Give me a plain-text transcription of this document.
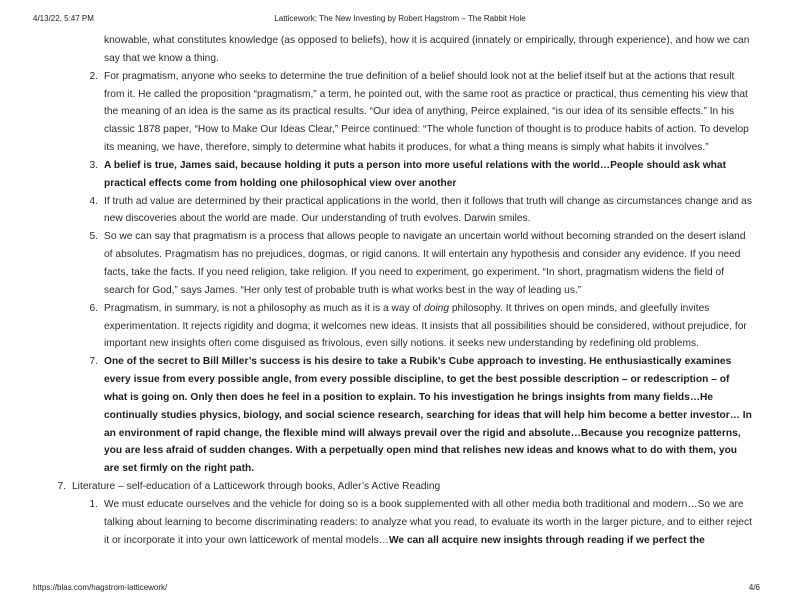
4/13/22, 5:47 PM	Latticework: The New Investing by Robert Hagstrom – The Rabbit Hole
knowable, what constitutes knowledge (as opposed to beliefs), how it is acquired (innately or empirically, through experience), and how we can say that we know a thing.
2. For pragmatism, anyone who seeks to determine the true definition of a belief should look not at the belief itself but at the actions that result from it. He called the proposition “pragmatism,” a term, he pointed out, with the same root as practice or practical, thus cementing his view that the meaning of an idea is the same as its practical results. “Our idea of anything, Peirce explained, “is our idea of its sensible effects.” In his classic 1878 paper, “How to Make Our Ideas Clear,” Peirce continued: “The whole function of thought is to produce habits of action. To develop its meaning, we have, therefore, simply to determine what habits it produces, for what a thing means is simply what habits it involves.”
3. A belief is true, James said, because holding it puts a person into more useful relations with the world…People should ask what practical effects come from holding one philosophical view over another
4. If truth ad value are determined by their practical applications in the world, then it follows that truth will change as circumstances change and as new discoveries about the world are made. Our understanding of truth evolves. Darwin smiles.
5. So we can say that pragmatism is a process that allows people to navigate an uncertain world without becoming stranded on the desert island of absolutes. Pragmatism has no prejudices, dogmas, or rigid canons. It will entertain any hypothesis and consider any evidence. If you need facts, take the facts. If you need religion, take religion. If you need to experiment, go experiment. “In short, pragmatism widens the field of search for God,” says James. “Her only test of probable truth is what works best in the way of leading us.”
6. Pragmatism, in summary, is not a philosophy as much as it is a way of doing philosophy. It thrives on open minds, and gleefully invites experimentation. It rejects rigidity and dogma; it welcomes new ideas. It insists that all possibilities should be considered, without prejudice, for important new insights often come disguised as frivolous, even silly notions. it seeks new understanding by redefining old problems.
7. One of the secret to Bill Miller’s success is his desire to take a Rubik’s Cube approach to investing. He enthusiastically examines every issue from every possible angle, from every possible discipline, to get the best possible description – or redescription – of what is going on. Only then does he feel in a position to explain. To his investigation he brings insights from many fields…He continually studies physics, biology, and social science research, searching for ideas that will help him become a better investor… In an environment of rapid change, the flexible mind will always prevail over the rigid and absolute…Because you recognize patterns, you are less afraid of sudden changes. With a perpetually open mind that relishes new ideas and knows what to do with them, you are set firmly on the right path.
7. Literature – self-education of a Latticework through books, Adler’s Active Reading
1. We must educate ourselves and the vehicle for doing so is a book supplemented with all other media both traditional and modern…So we are talking about learning to become discriminating readers: to analyze what you read, to evaluate its worth in the larger picture, and to either reject it or incorporate it into your own latticework of mental models…We can all acquire new insights through reading if we perfect the
https://blas.com/hagstrom-latticework/	4/6
